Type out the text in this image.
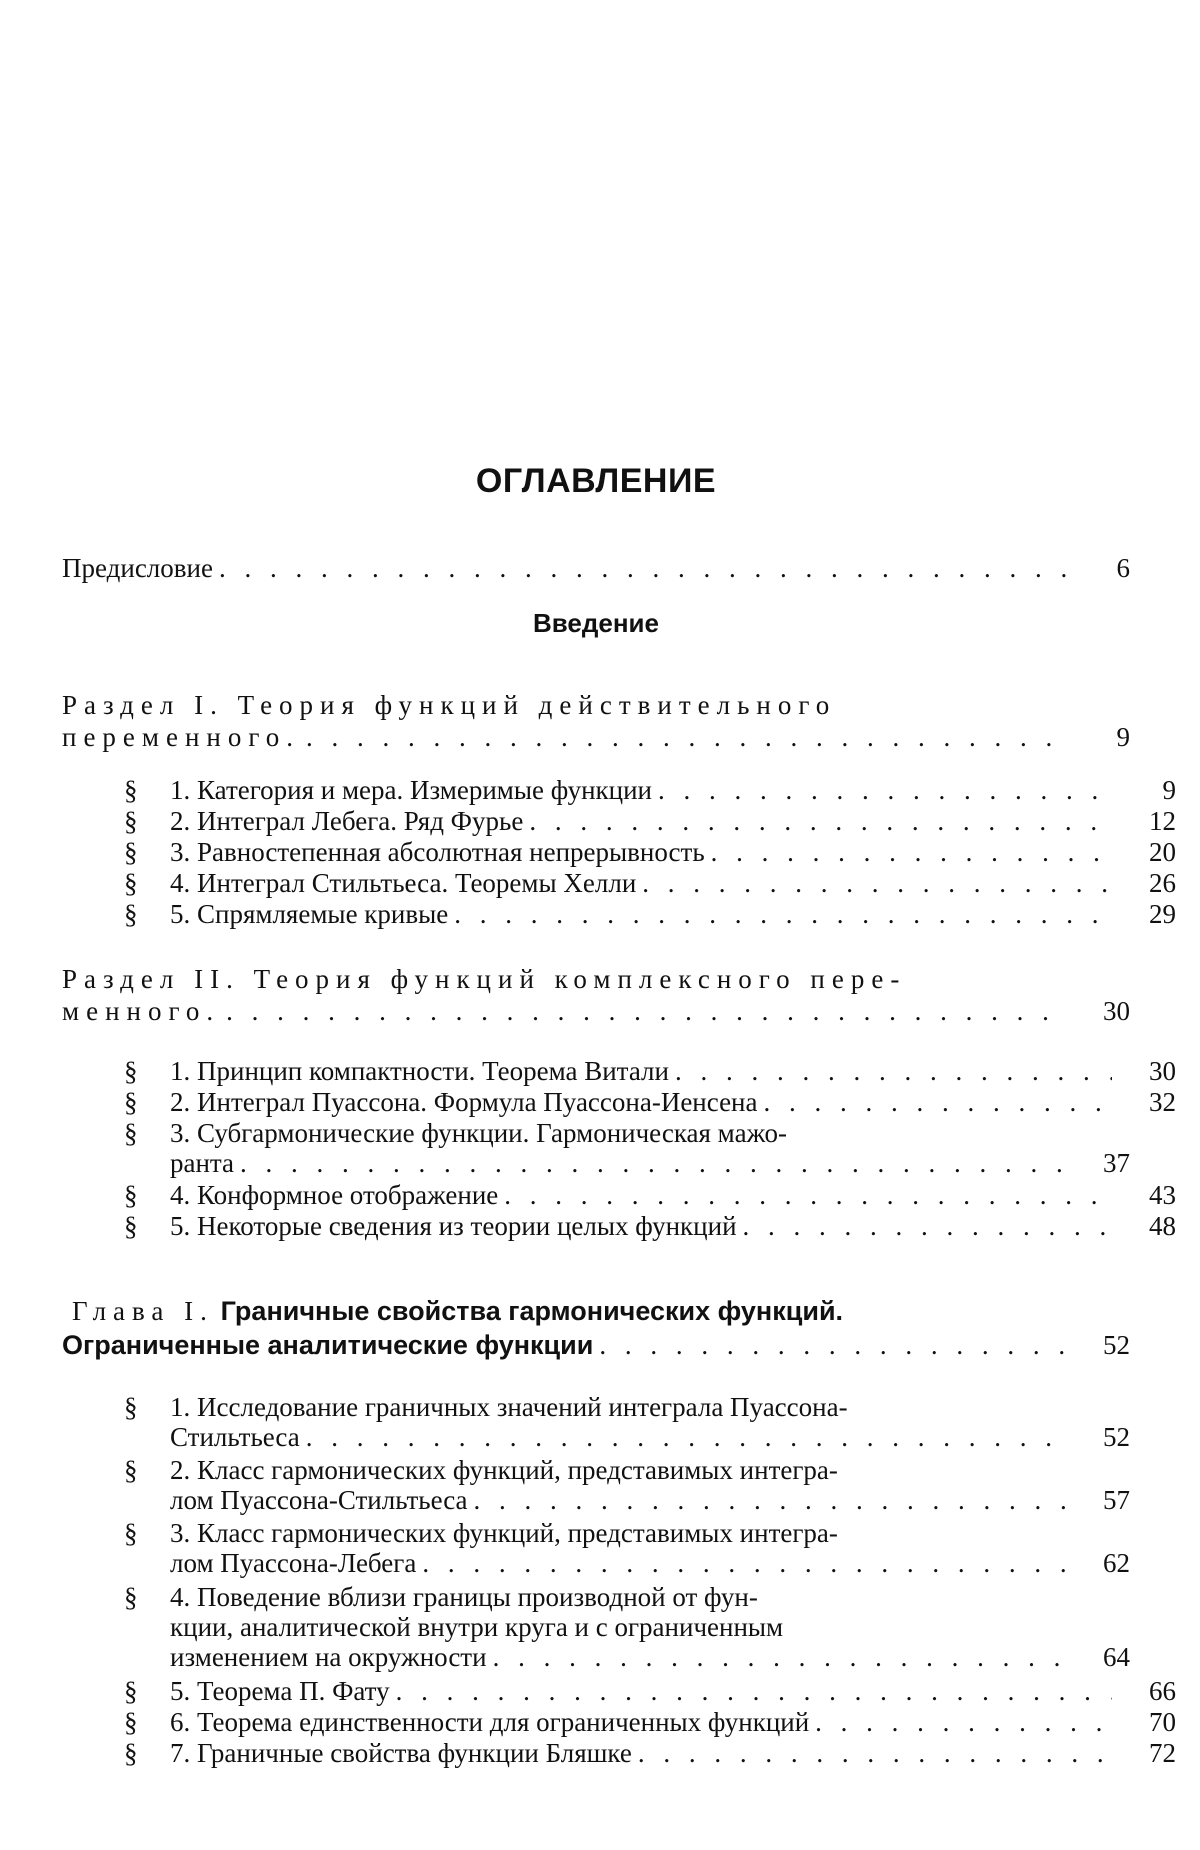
ОГЛАВЛЕНИЕ
Предисловие . . .	6
Введение
Раздел I. Теория функций действительного
переменного. . . .	9
§	1. Категория и мера. Измеримые функции . . .	9
§	2. Интеграл Лебега. Ряд Фурье . . .	12
§	3. Равностепенная абсолютная непрерывность . . .	20
§	4. Интеграл Стильтьеса. Теоремы Хелли . . .	26
§	5. Спрямляемые кривые . . .	29
Раздел II. Теория функций комплексного пере-
менного. . . .	30
§	1. Принцип компактности. Теорема Витали . . .	30
§	2. Интеграл Пуассона. Формула Пуассона-Иенсена . . .	32
§	3. Субгармонические функции. Гармоническая мажо-
ранта . . .	37
§	4. Конформное отображение . . .	43
§	5. Некоторые сведения из теории целых функций . . .	48
Глава I. Граничные свойства гармонических функций.
Ограниченные аналитические функции . . .	52
§	1. Исследование граничных значений интеграла Пуассона-
Стильтьеса . . .	52
§	2. Класс гармонических функций, представимых интегра-
лом Пуассона-Стильтьеса . . .	57
§	3. Класс гармонических функций, представимых интегра-
лом Пуассона-Лебега . . .	62
§	4. Поведение вблизи границы производной от фун-
кции, аналитической внутри круга и с ограниченным
изменением на окружности . . .	64
§	5. Теорема П. Фату . . .	66
§	6. Теорема единственности для ограниченных функций . . .	70
§	7. Граничные свойства функции Бляшке . . .	72
